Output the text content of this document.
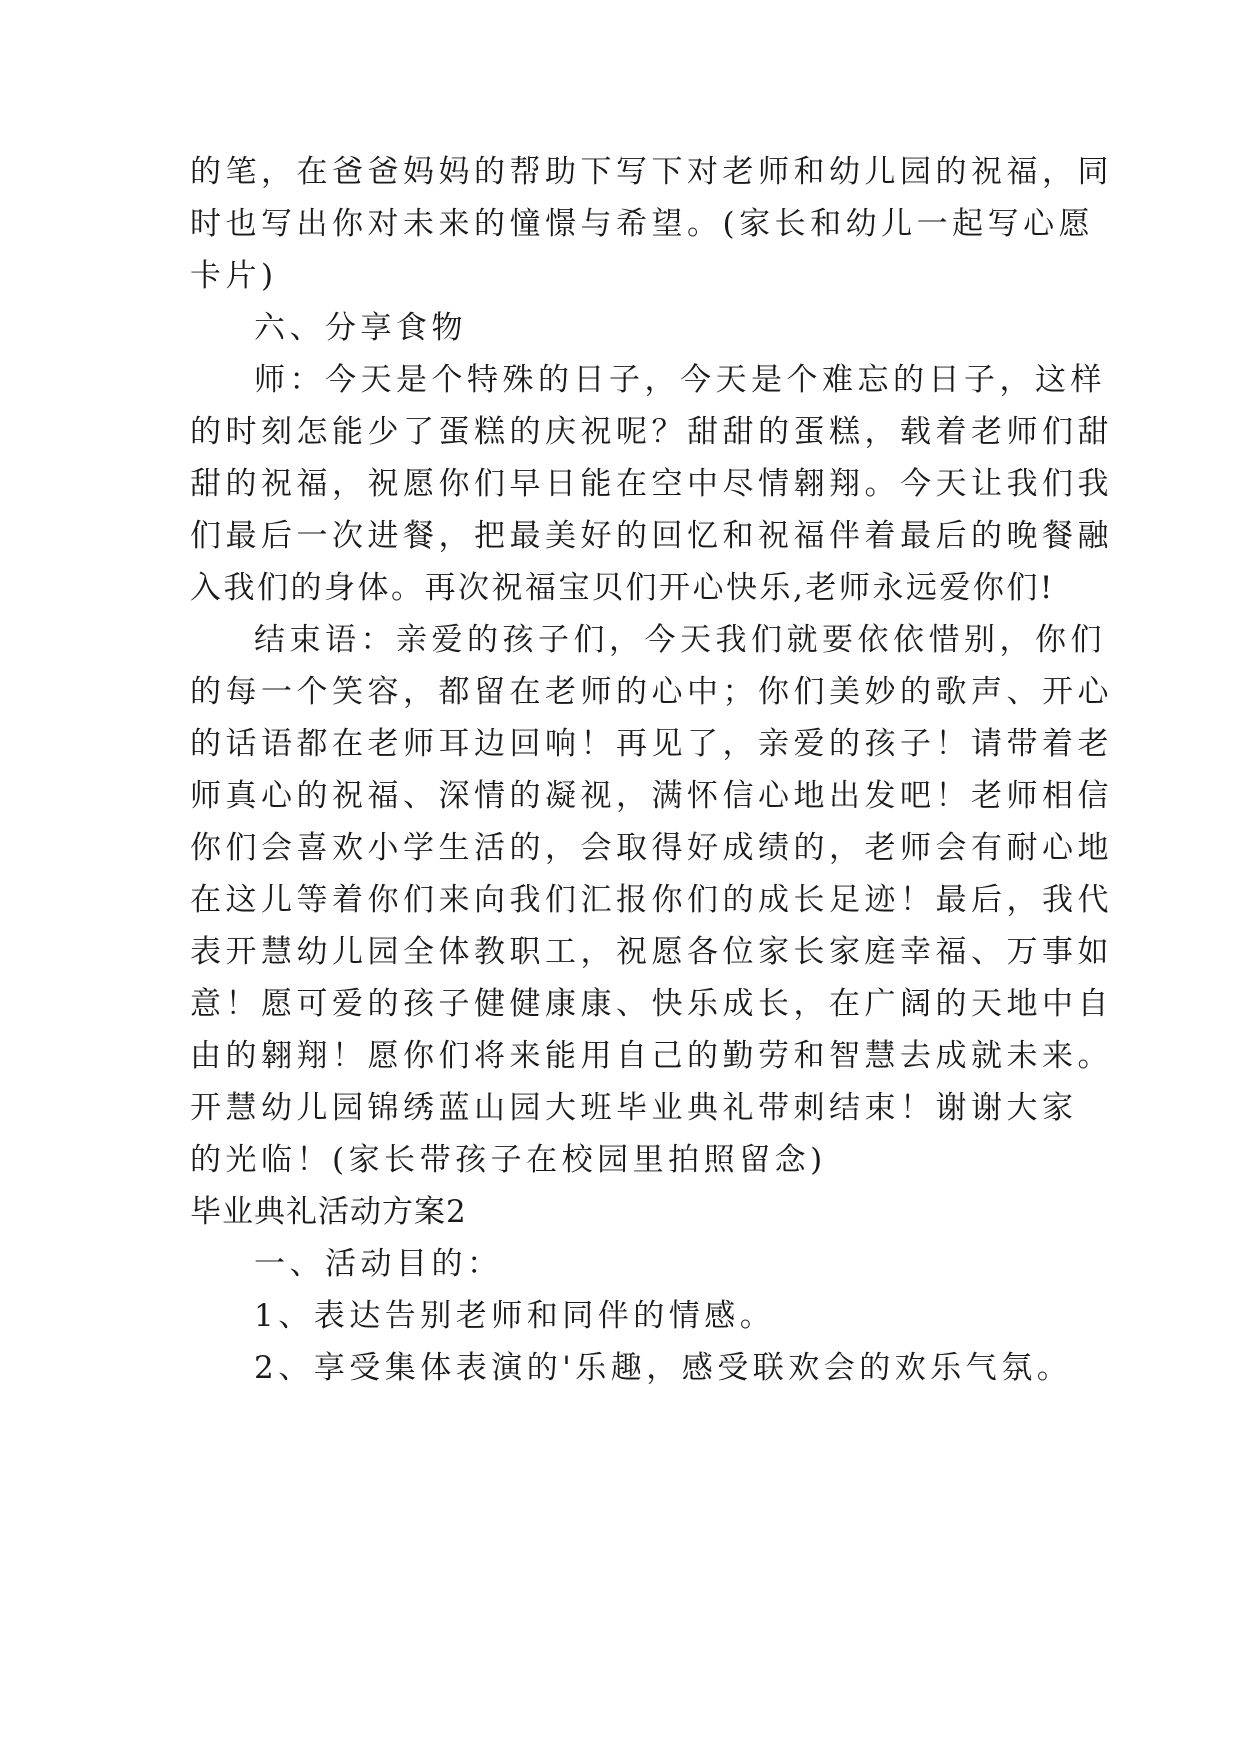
的笔，在爸爸妈妈的帮助下写下对老师和幼儿园的祝福，同
时也写出你对未来的憧憬与希望。(家长和幼儿一起写心愿
卡片)
六、分享食物
师：今天是个特殊的日子，今天是个难忘的日子，这样
的时刻怎能少了蛋糕的庆祝呢？甜甜的蛋糕，载着老师们甜
甜的祝福，祝愿你们早日能在空中尽情翱翔。今天让我们我
们最后一次进餐，把最美好的回忆和祝福伴着最后的晚餐融
入我们的身体。再次祝福宝贝们开心快乐,老师永远爱你们!
结束语：亲爱的孩子们，今天我们就要依依惜别，你们
的每一个笑容，都留在老师的心中；你们美妙的歌声、开心
的话语都在老师耳边回响！再见了，亲爱的孩子！请带着老
师真心的祝福、深情的凝视，满怀信心地出发吧！老师相信
你们会喜欢小学生活的，会取得好成绩的，老师会有耐心地
在这儿等着你们来向我们汇报你们的成长足迹！最后，我代
表开慧幼儿园全体教职工，祝愿各位家长家庭幸福、万事如
意！愿可爱的孩子健健康康、快乐成长，在广阔的天地中自
由的翱翔！愿你们将来能用自己的勤劳和智慧去成就未来。
开慧幼儿园锦绣蓝山园大班毕业典礼带刺结束！谢谢大家
的光临！(家长带孩子在校园里拍照留念)
毕业典礼活动方案2
一、活动目的：
1、表达告别老师和同伴的情感。
2、享受集体表演的'乐趣，感受联欢会的欢乐气氛。
